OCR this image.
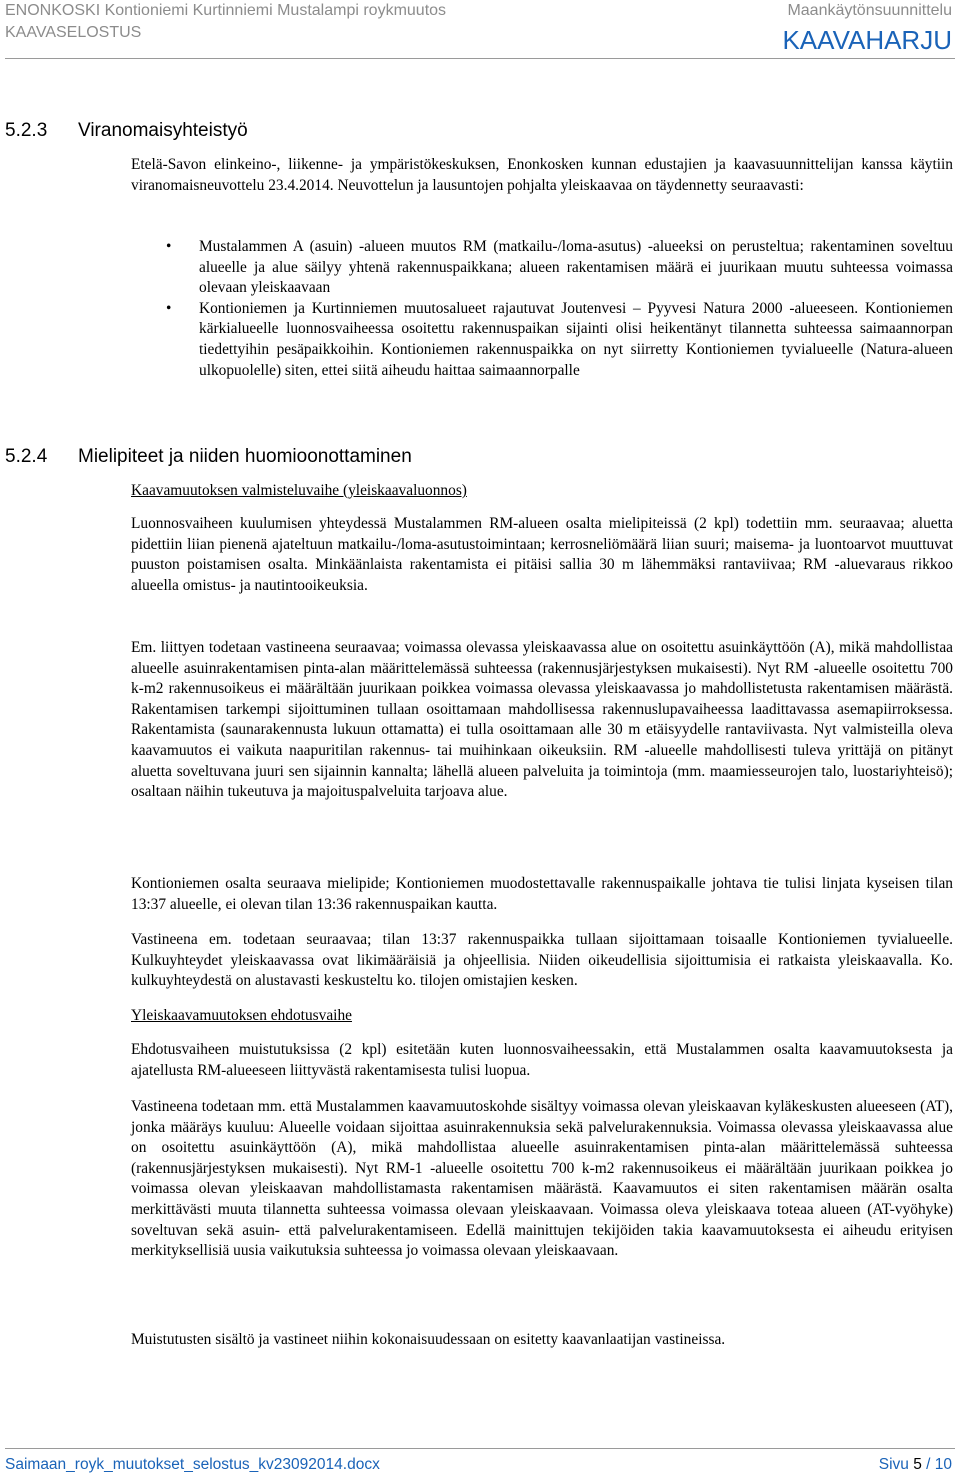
ENONKOSKI Kontioniemi Kurtinniemi Mustalampi roykmuutos
KAAVASELOSTUS
Maankäytönsuunnittelu
KAAVAHARJU
5.2.3 Viranomaisyhteistyö

Etelä-Savon elinkeino-, liikenne- ja ympäristökeskuksen, Enonkosken kunnan edustajien ja kaavasuunnittelijan kanssa käytiin viranomaisneuvottelu 23.4.2014. Neuvottelun ja lausuntojen pohjalta yleiskaavaa on täydennetty seuraavasti:

• Mustalammen A (asuin) -alueen muutos RM (matkailu-/loma-asutus) -alueeksi on perusteltua; rakentaminen soveltuu alueelle ja alue säilyy yhtenä rakennuspaikkana; alueen rakentamisen määrä ei juurikaan muutu suhteessa voimassa olevaan yleiskaavaan
• Kontioniemen ja Kurtinniemen muutosalueet rajautuvat Joutenvesi – Pyyvesi Natura 2000 -alueeseen. Kontioniemen kärkialueelle luonnosvaiheessa osoitettu rakennuspaikan sijainti olisi heikentänyt tilannetta suhteessa saimaannorpan tiedettyihin pesäpaikkoihin. Kontioniemen rakennuspaikka on nyt siirretty Kontioniemen tyvialueelle (Natura-alueen ulkopuolelle) siten, ettei siitä aiheudu haittaa saimaannorpalle
5.2.4 Mielipiteet ja niiden huomioonottaminen
Kaavamuutoksen valmisteluvaihe (yleiskaavaluonnos)

Luonnosvaiheen kuulumisen yhteydessä Mustalammen RM-alueen osalta mielipiteissä (2 kpl) todettiin mm. seuraavaa; aluetta pidettiin liian pienenä ajateltuun matkailu-/loma-asutustoimintaan; kerrosneliömäärä liian suuri; maisema- ja luontoarvot muuttuvat puuston poistamisen osalta. Minkäänlaista rakentamista ei pitäisi sallia 30 m lähemmäksi rantaviivaa; RM -aluevaraus rikkoo alueella omistus- ja nautintooikeuksia.

Em. liittyen todetaan vastineena seuraavaa; voimassa olevassa yleiskaavassa alue on osoitettu asuinkäyttöön (A), mikä mahdollistaa alueelle asuinrakentamisen pinta-alan määrittelemässä suhteessa (rakennusjärjestyksen mukaisesti). Nyt RM -alueelle osoitettu 700 k-m2 rakennusoikeus ei määrältään juurikaan poikkea voimassa olevassa yleiskaavassa jo mahdollistetusta rakentamisen määrästä. Rakentamisen tarkempi sijoittuminen tullaan osoittamaan mahdollisessa rakennuslupavaiheessa laadittavassa asemapiirroksessa. Rakentamista (saunarakennusta lukuun ottamatta) ei tulla osoittamaan alle 30 m etäisyydelle rantaviivasta. Nyt valmisteilla oleva kaavamuutos ei vaikuta naapuritilan rakennus- tai muihinkaan oikeuksiin. RM -alueelle mahdollisesti tuleva yrittäjä on pitänyt aluetta soveltuvana juuri sen sijainnin kannalta; lähellä alueen palveluita ja toimintoja (mm. maamiesseurojen talo, luostariyhteisö); osaltaan näihin tukeutuva ja majoituspalveluita tarjoava alue.

Kontioniemen osalta seuraava mielipide; Kontioniemen muodostettavalle rakennuspaikalle johtava tie tulisi linjata kyseisen tilan 13:37 alueelle, ei olevan tilan 13:36 rakennuspaikan kautta.

Vastineena em. todetaan seuraavaa; tilan 13:37 rakennuspaikka tullaan sijoittamaan toisaalle Kontioniemen tyvialueelle. Kulkuyhteydet yleiskaavassa ovat likimääräisiä ja ohjeellisia. Niiden oikeudellisia sijoittumisia ei ratkaista yleiskaavalla. Ko. kulkuyhteydestä on alustavasti keskusteltu ko. tilojen omistajien kesken.

Yleiskaavamuutoksen ehdotusvaihe

Ehdotusvaiheen muistutuksissa (2 kpl) esitetään kuten luonnosvaiheessakin, että Mustalammen osalta kaavamuutoksesta ja ajatellusta RM-alueeseen liittyvästä rakentamisesta tulisi luopua.

Vastineena todetaan mm. että Mustalammen kaavamuutoskohde sisältyy voimassa olevan yleiskaavan kyläkeskusten alueeseen (AT), jonka määräys kuuluu: Alueelle voidaan sijoittaa asuinrakennuksia sekä palvelurakennuksia. Voimassa olevassa yleiskaavassa alue on osoitettu asuinkäyttöön (A), mikä mahdollistaa alueelle asuinrakentamisen pinta-alan määrittelemässä suhteessa (rakennusjärjestyksen mukaisesti). Nyt RM-1 -alueelle osoitettu 700 k-m2 rakennusoikeus ei määrältään juurikaan poikkea jo voimassa olevan yleiskaavan mahdollistamasta rakentamisen määrästä. Kaavamuutos ei siten rakentamisen määrän osalta merkittävästi muuta tilannetta suhteessa voimassa olevaan yleiskaavaan. Voimassa oleva yleiskaava toteaa alueen (AT-vyöhyke) soveltuvan sekä asuin- että palvelurakentamiseen. Edellä mainittujen tekijöiden takia kaavamuutoksesta ei aiheudu erityisen merkityksellisiä uusia vaikutuksia suhteessa jo voimassa olevaan yleiskaavaan.

Muistutusten sisältö ja vastineet niihin kokonaisuudessaan on esitetty kaavanlaatijan vastineissa.

Saimaan_royk_muutokset_selostus_kv23092014.docx	Sivu 5 / 10
